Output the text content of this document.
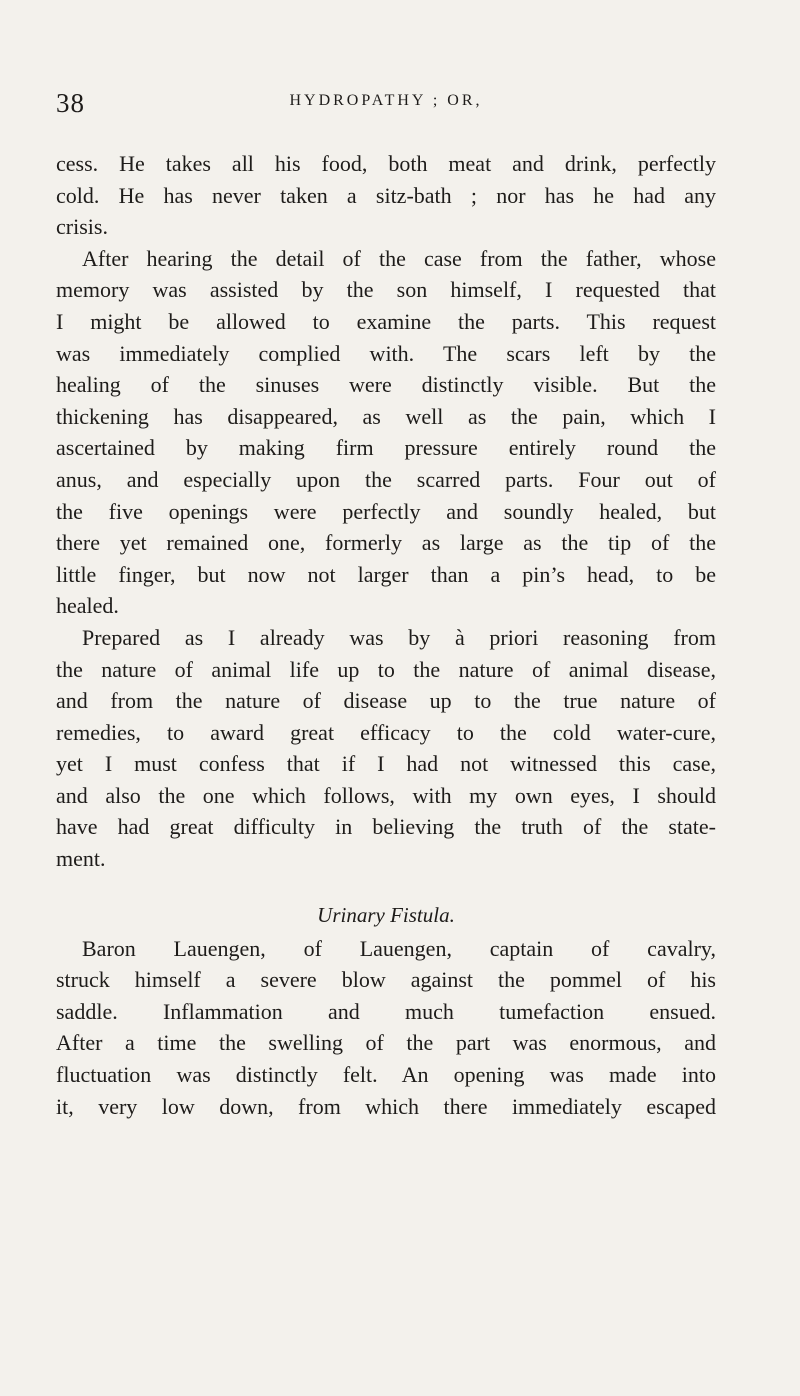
38	HYDROPATHY ; OR,
cess. He takes all his food, both meat and drink, perfectly
cold. He has never taken a sitz-bath ; nor has he had any
crisis.
After hearing the detail of the case from the father, whose
memory was assisted by the son himself, I requested that
I might be allowed to examine the parts. This request
was immediately complied with. The scars left by the
healing of the sinuses were distinctly visible. But the
thickening has disappeared, as well as the pain, which I
ascertained by making firm pressure entirely round the
anus, and especially upon the scarred parts. Four out of
the five openings were perfectly and soundly healed, but
there yet remained one, formerly as large as the tip of the
little finger, but now not larger than a pin’s head, to be
healed.
Prepared as I already was by à priori reasoning from
the nature of animal life up to the nature of animal disease,
and from the nature of disease up to the true nature of
remedies, to award great efficacy to the cold water-cure,
yet I must confess that if I had not witnessed this case,
and also the one which follows, with my own eyes, I should
have had great difficulty in believing the truth of the state-
ment.
Urinary Fistula.
Baron Lauengen, of Lauengen, captain of cavalry,
struck himself a severe blow against the pommel of his
saddle. Inflammation and much tumefaction ensued.
After a time the swelling of the part was enormous, and
fluctuation was distinctly felt. An opening was made into
it, very low down, from which there immediately escaped
